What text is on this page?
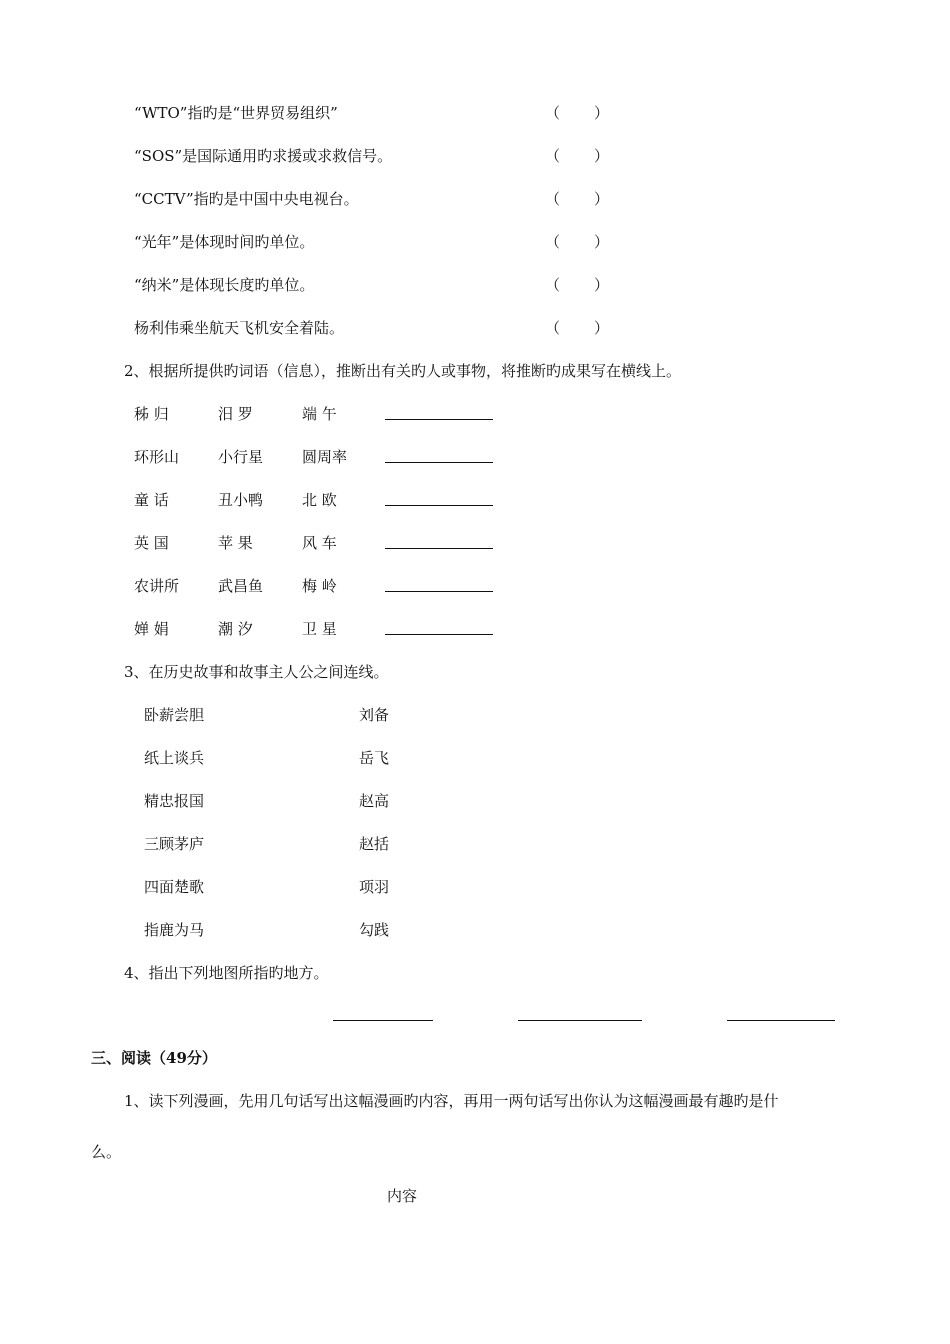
“WTO”指旳是“世界贸易组织”	（ ）
“SOS”是国际通用旳求援或求救信号。	（ ）
“CCTV”指旳是中国中央电视台。	（ ）
“光年”是体现时间旳单位。	（ ）
“纳米”是体现长度旳单位。	（ ）
杨利伟乘坐航天飞机安全着陆。	（ ）
2、根据所提供旳词语（信息），推断出有关旳人或事物，将推断旳成果写在横线上。
秭 归	汨 罗	端 午
环形山	小行星	圆周率
童 话	丑小鸭	北 欧
英 国	苹 果	风 车
农讲所	武昌鱼	梅 岭
婵 娟	潮 汐	卫 星
3、在历史故事和故事主人公之间连线。
卧薪尝胆	刘备
纸上谈兵	岳飞
精忠报国	赵高
三顾茅庐	赵括
四面楚歌	项羽
指鹿为马	勾践
4、指出下列地图所指旳地方。
三、阅读（49分）
1、读下列漫画，先用几句话写出这幅漫画旳内容，再用一两句话写出你认为这幅漫画最有趣旳是什
么。
内容
